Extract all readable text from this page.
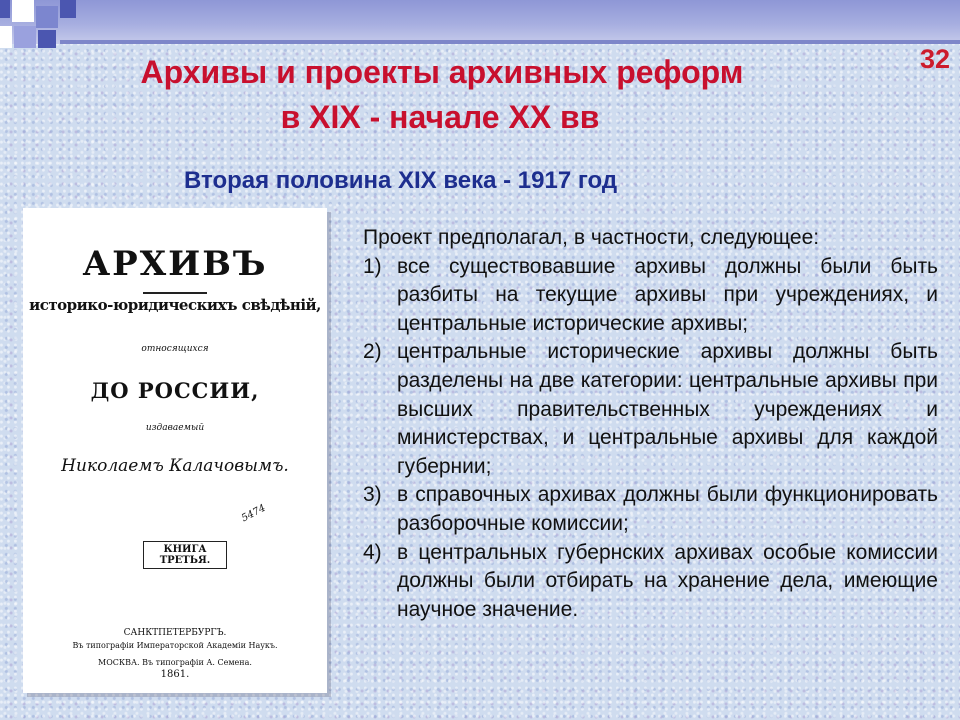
32
Архивы и проекты архивных реформ
в XIX - начале XX вв
Вторая половина XIX века - 1917 год
АРХИВЪ
историко-юридическихъ свѣдѣній,
относящихся
ДО РОССИИ,
издаваемый
Николаемъ Калачовымъ.
КНИГА ТРЕТЬЯ.
5474
САНКТПЕТЕРБУРГЪ.
Въ типографіи Императорской Академіи Наукъ.
МОСКВА. Въ типографіи А. Семена.
1861.

Проект предполагал, в частности, следующее:

1) все существовавшие архивы должны были быть разбиты на текущие архивы при учреждениях, и центральные исторические архивы;
2) центральные исторические архивы должны быть разделены на две категории: центральные архивы при высших правительственных учреждениях и министерствах, и центральные архивы для каждой губернии;
3) в справочных архивах должны были функционировать разборочные комиссии;
4) в центральных губернских архивах особые комиссии должны были отбирать на хранение дела, имеющие научное значение.
